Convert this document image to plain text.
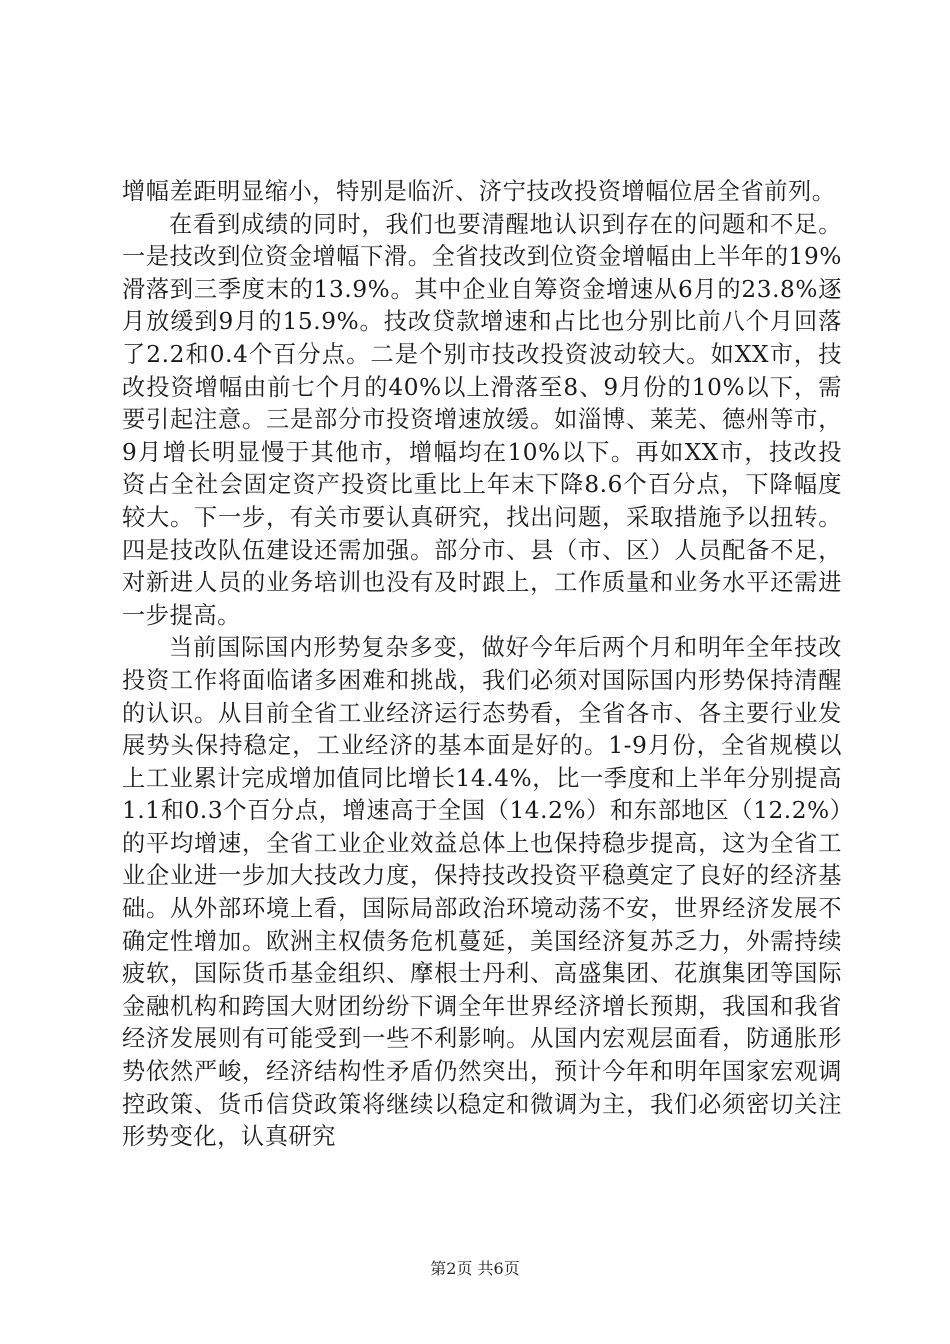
增幅差距明显缩小，特别是临沂、济宁技改投资增幅位居全省前列。

在看到成绩的同时，我们也要清醒地认识到存在的问题和不足。一是技改到位资金增幅下滑。全省技改到位资金增幅由上半年的19%滑落到三季度末的13.9%。其中企业自筹资金增速从6月的23.8%逐月放缓到9月的15.9%。技改贷款增速和占比也分别比前八个月回落了2.2和0.4个百分点。二是个别市技改投资波动较大。如XX市，技改投资增幅由前七个月的40%以上滑落至8、9月份的10%以下，需要引起注意。三是部分市投资增速放缓。如淄博、莱芜、德州等市，9月增长明显慢于其他市，增幅均在10%以下。再如XX市，技改投资占全社会固定资产投资比重比上年末下降8.6个百分点，下降幅度较大。下一步，有关市要认真研究，找出问题，采取措施予以扭转。四是技改队伍建设还需加强。部分市、县（市、区）人员配备不足，对新进人员的业务培训也没有及时跟上，工作质量和业务水平还需进一步提高。

当前国际国内形势复杂多变，做好今年后两个月和明年全年技改投资工作将面临诸多困难和挑战，我们必须对国际国内形势保持清醒的认识。从目前全省工业经济运行态势看，全省各市、各主要行业发展势头保持稳定，工业经济的基本面是好的。1-9月份，全省规模以上工业累计完成增加值同比增长14.4%，比一季度和上半年分别提高1.1和0.3个百分点，增速高于全国（14.2%）和东部地区（12.2%）的平均增速，全省工业企业效益总体上也保持稳步提高，这为全省工业企业进一步加大技改力度，保持技改投资平稳奠定了良好的经济基础。从外部环境上看，国际局部政治环境动荡不安，世界经济发展不确定性增加。欧洲主权债务危机蔓延，美国经济复苏乏力，外需持续疲软，国际货币基金组织、摩根士丹利、高盛集团、花旗集团等国际金融机构和跨国大财团纷纷下调全年世界经济增长预期，我国和我省经济发展则有可能受到一些不利影响。从国内宏观层面看，防通胀形势依然严峻，经济结构性矛盾仍然突出，预计今年和明年国家宏观调控政策、货币信贷政策将继续以稳定和微调为主，我们必须密切关注形势变化，认真研究

第2页 共6页
